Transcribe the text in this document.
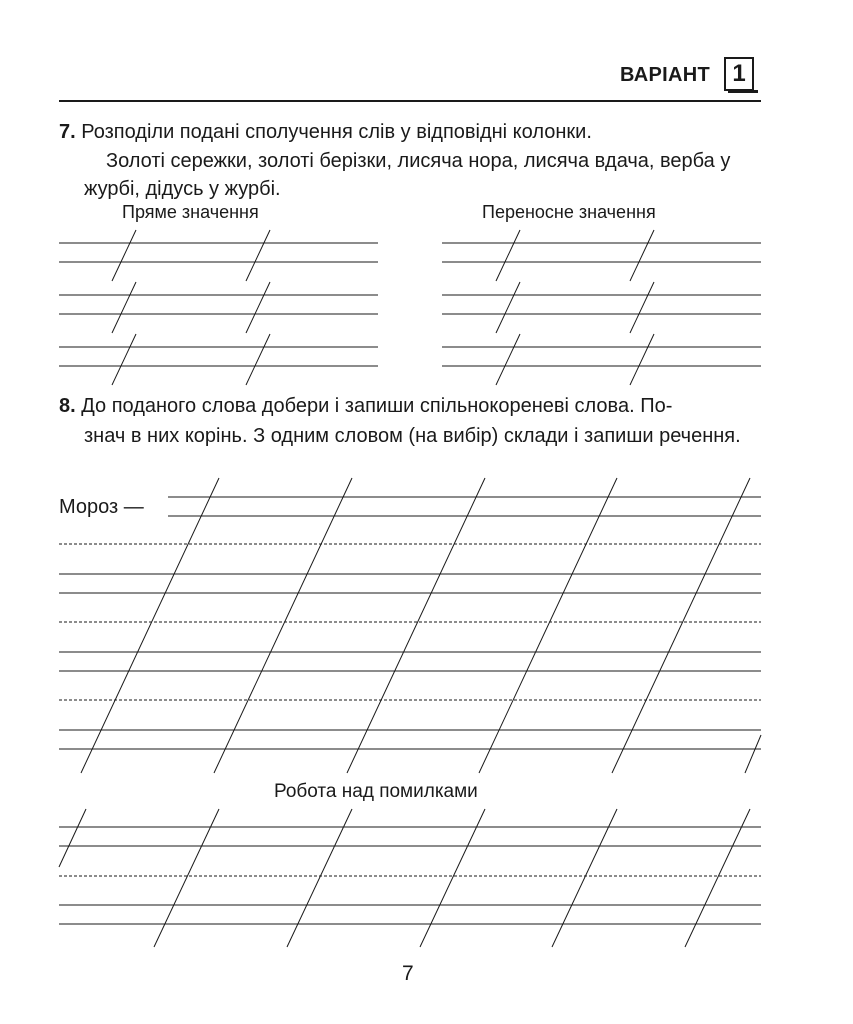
ВАРІАНТ 1
7. Розподіли подані сполучення слів у відповідні колонки.
Золоті сережки, золоті берізки, лисяча нора, лисяча вдача, верба у журбі, дідусь у журбі.
Пряме значення	Переносне значення
8. До поданого слова добери і запиши спільнокореневі слова. По-
знач в них корінь. З одним словом (на вибір) склади і запиши речення.
Мороз —
Робота над помилками
7
